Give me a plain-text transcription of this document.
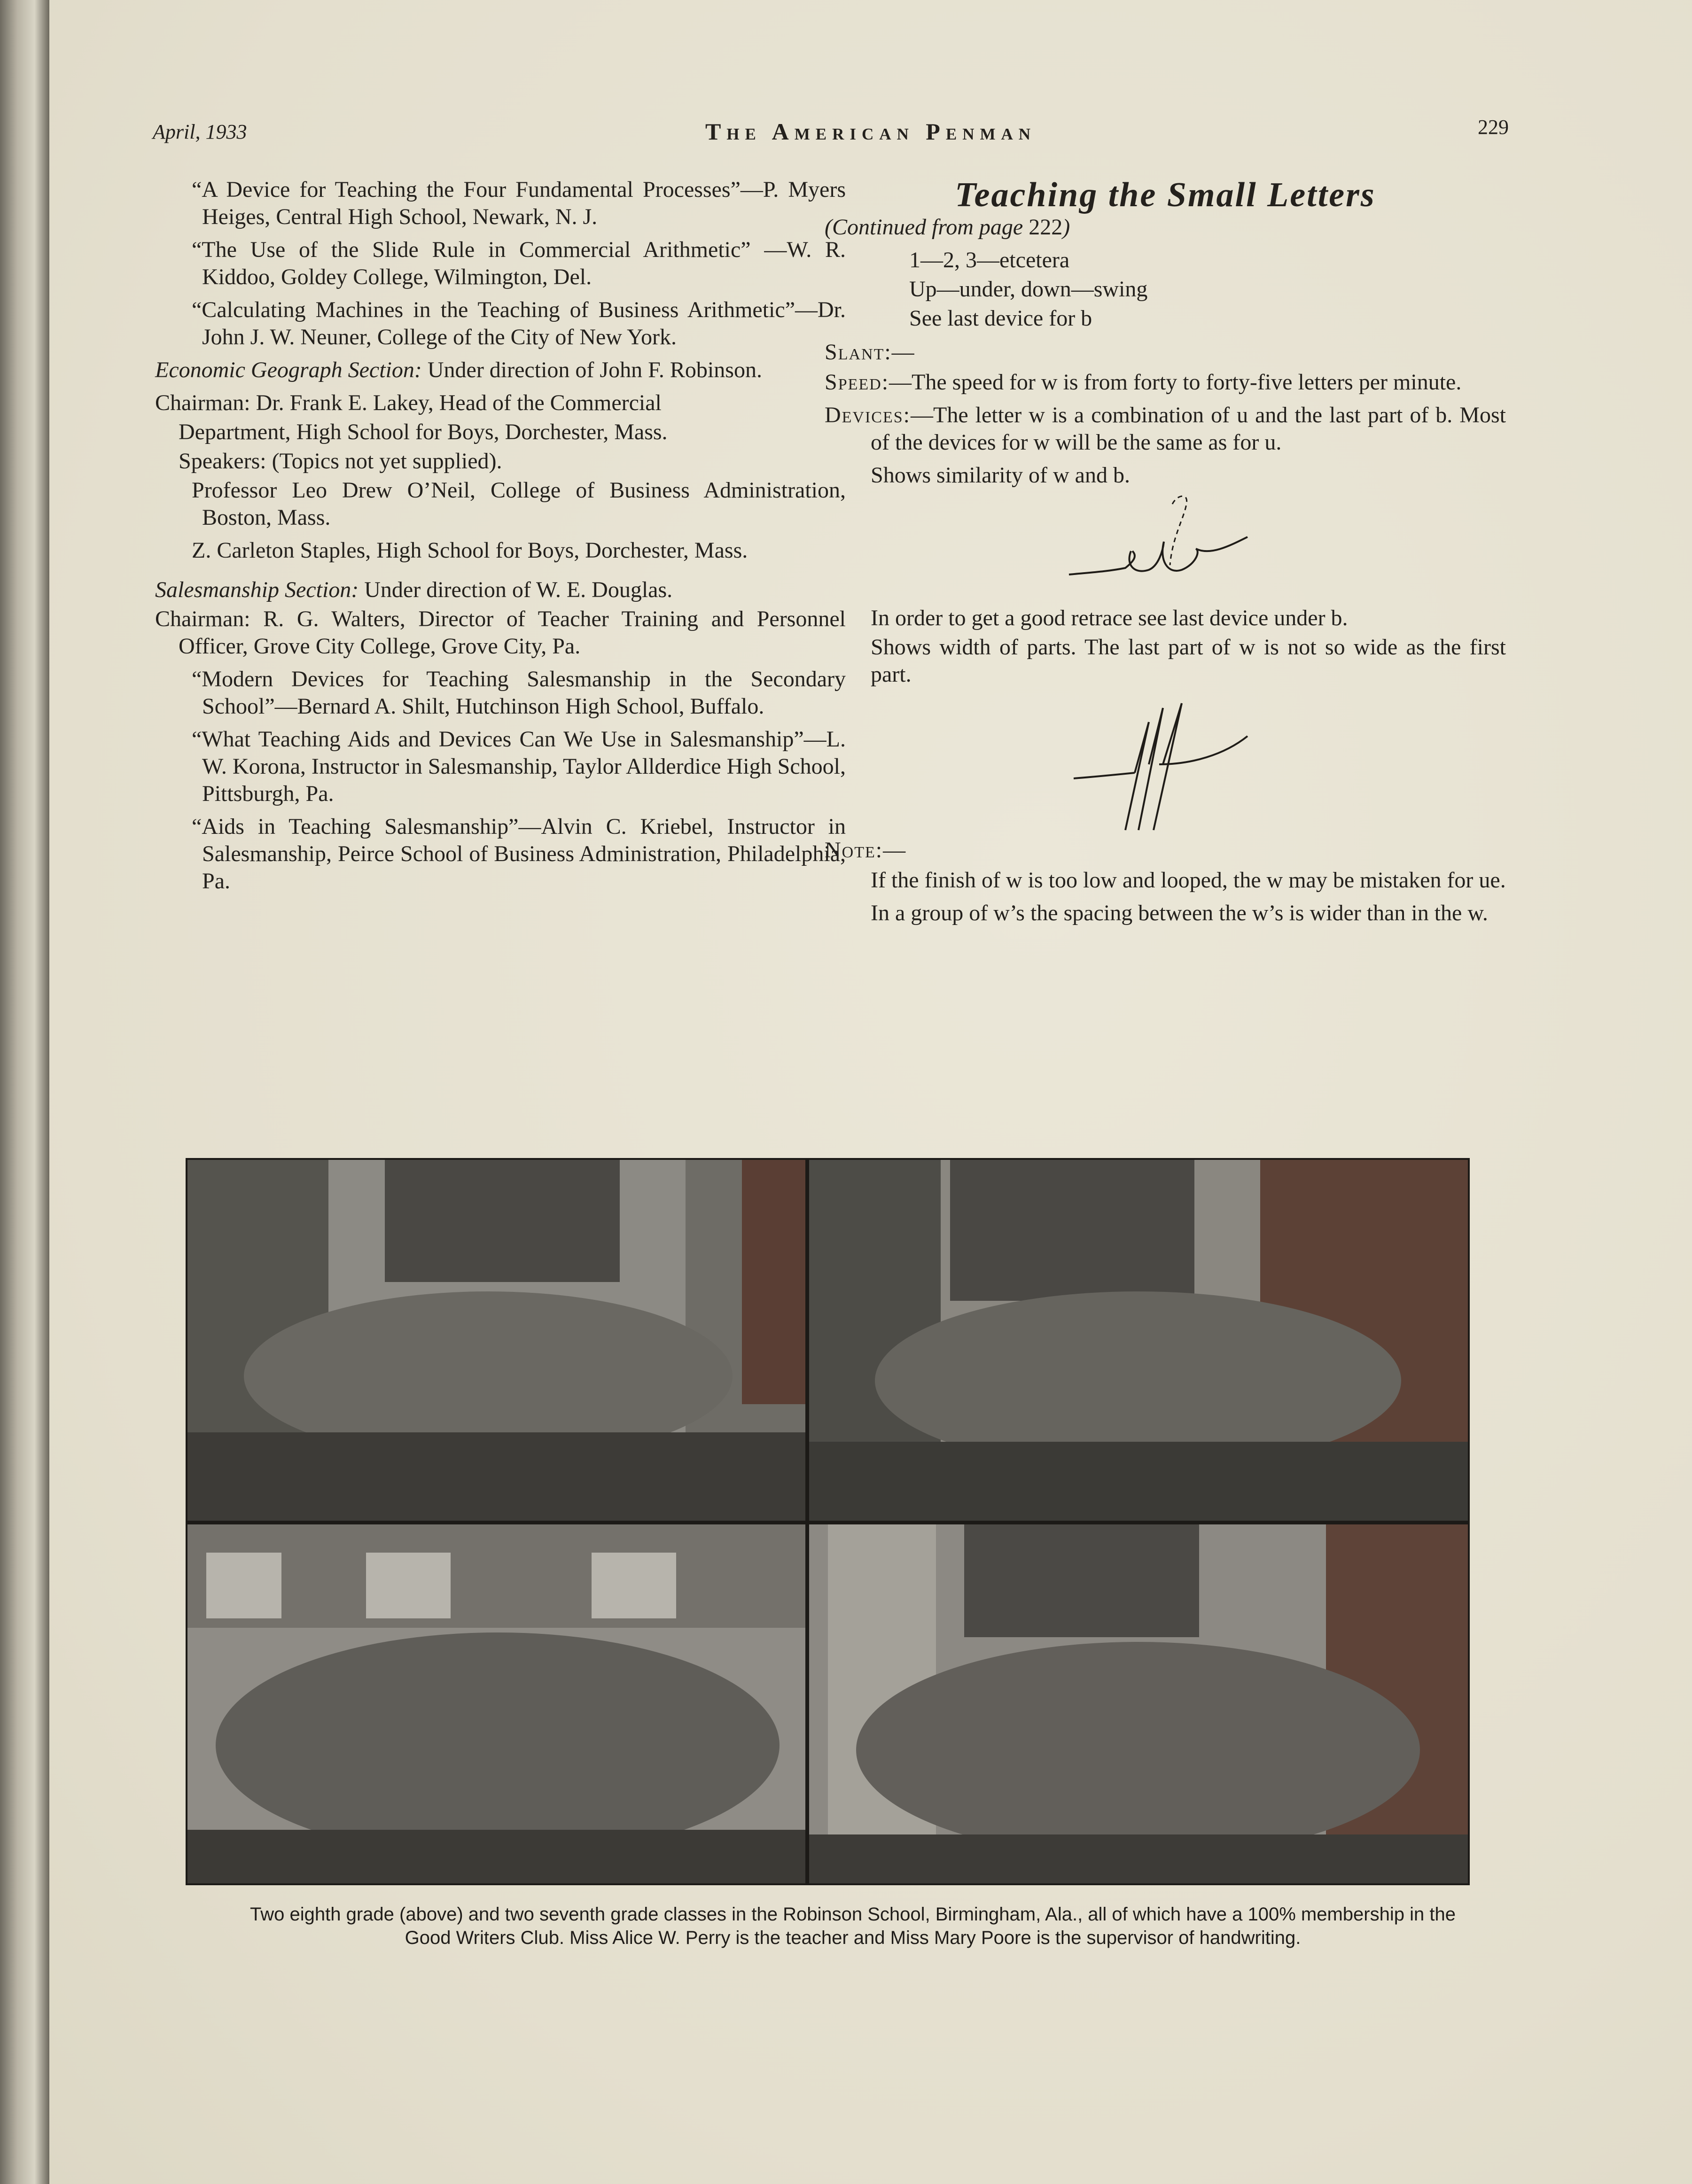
April, 1933	The American Penman	229

“A Device for Teaching the Four Fundamental Processes”—P. Myers Heiges, Central High School, Newark, N. J.

“The Use of the Slide Rule in Commercial Arithmetic” —W. R. Kiddoo, Goldey College, Wilmington, Del.

“Calculating Machines in the Teaching of Business Arithmetic”—Dr. John J. W. Neuner, College of the City of New York.

Economic Geograph Section: Under direction of John F. Robinson.

Chairman: Dr. Frank E. Lakey, Head of the Commercial

Department, High School for Boys, Dorchester, Mass.

Speakers: (Topics not yet supplied).

Professor Leo Drew O’Neil, College of Business Administration, Boston, Mass.

Z. Carleton Staples, High School for Boys, Dorchester, Mass.

Salesmanship Section: Under direction of W. E. Douglas.

Chairman: R. G. Walters, Director of Teacher Training and Personnel Officer, Grove City College, Grove City, Pa.

“Modern Devices for Teaching Salesmanship in the Secondary School”—Bernard A. Shilt, Hutchinson High School, Buffalo.

“What Teaching Aids and Devices Can We Use in Salesmanship”—L. W. Korona, Instructor in Salesmanship, Taylor Allderdice High School, Pittsburgh, Pa.

“Aids in Teaching Salesmanship”—Alvin C. Kriebel, Instructor in Salesmanship, Peirce School of Business Administration, Philadelphia, Pa.

Teaching the Small Letters

(Continued from page 222)

1—2, 3—etcetera
Up—under, down—swing
See last device for b

Slant:—

Speed:—The speed for w is from forty to forty-five letters per minute.

Devices:—The letter w is a combination of u and the last part of b. Most of the devices for w will be the same as for u.

Shows similarity of w and b.

In order to get a good retrace see last device under b.

Shows width of parts. The last part of w is not so wide as the first part.

Note:—

If the finish of w is too low and looped, the w may be mistaken for ue.

In a group of w’s the spacing between the w’s is wider than in the w.

Two eighth grade (above) and two seventh grade classes in the Robinson School, Birmingham, Ala., all of which have a 100% membership in the Good Writers Club. Miss Alice W. Perry is the teacher and Miss Mary Poore is the supervisor of handwriting.
